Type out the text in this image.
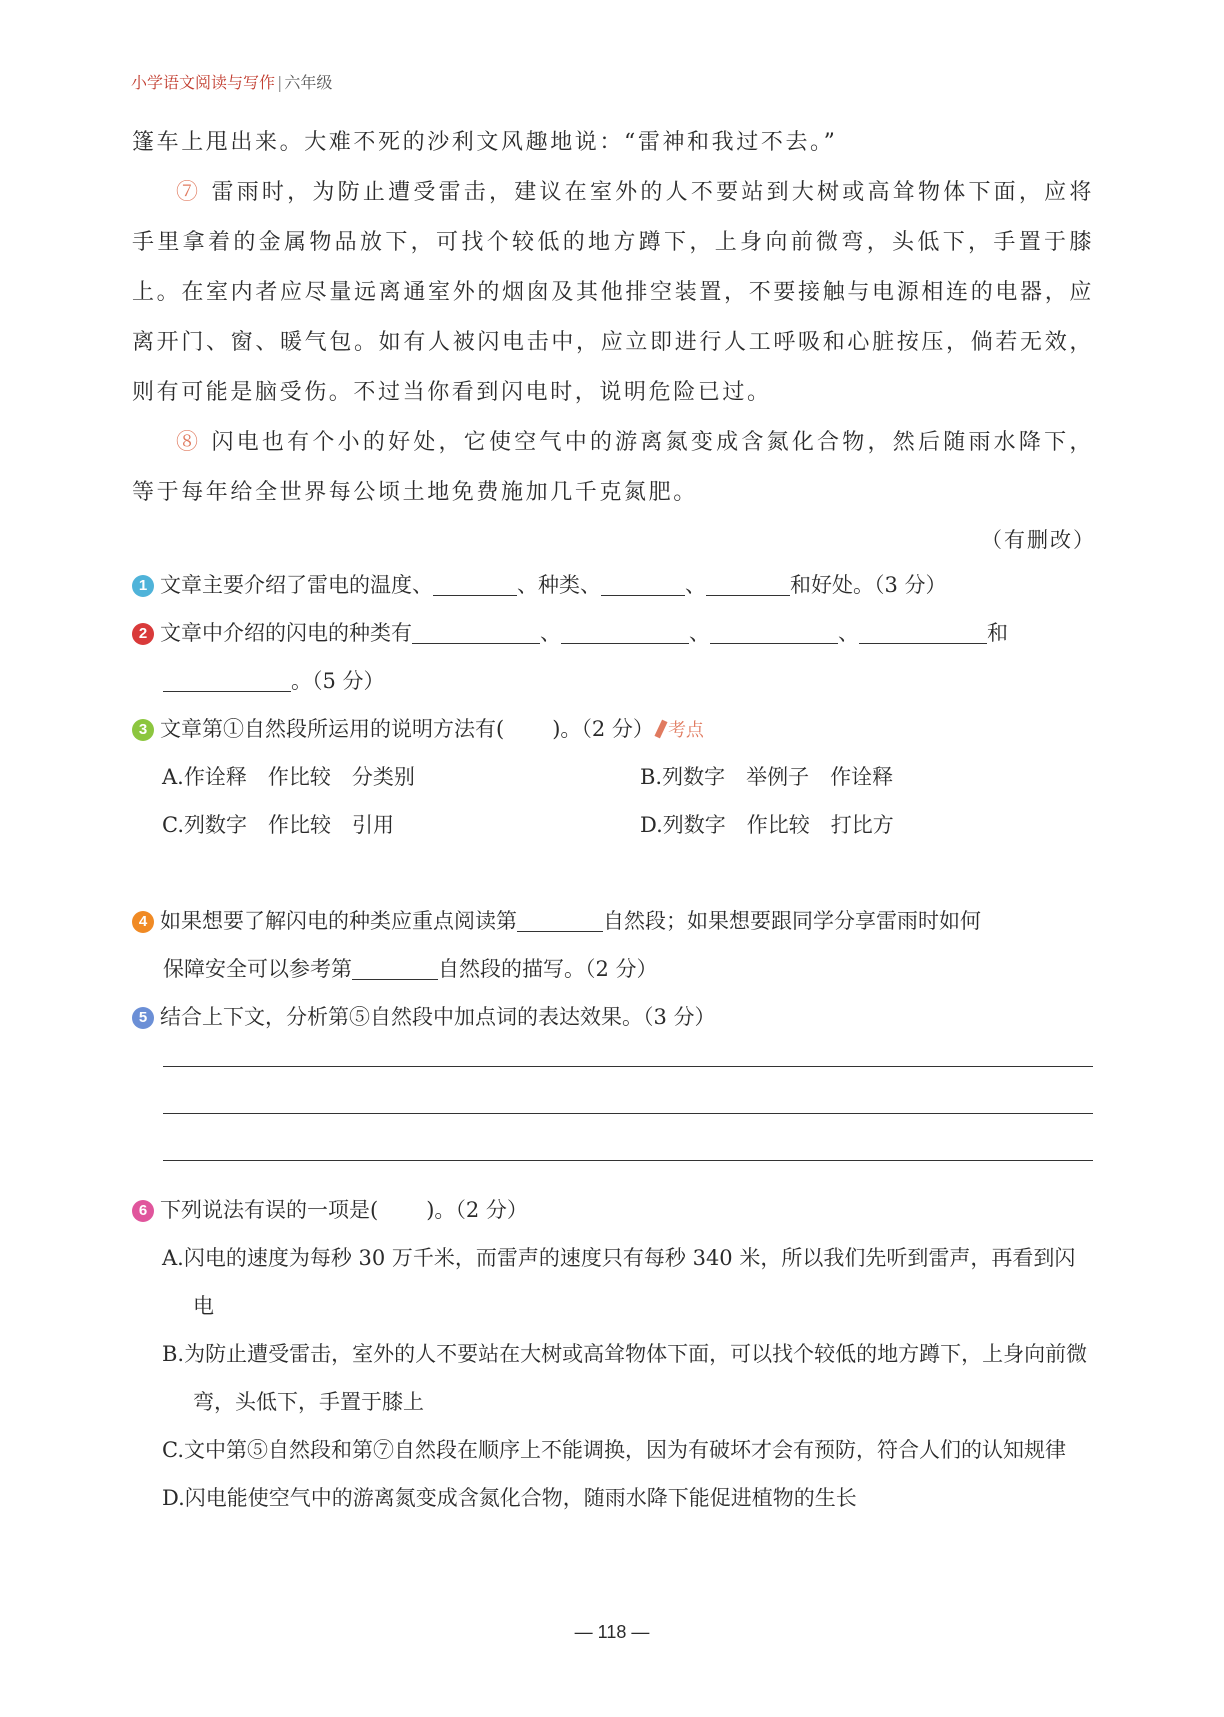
小学语文阅读与写作 | 六年级

篷车上甩出来。大难不死的沙利文风趣地说：“雷神和我过不去。”

⑦ 雷雨时，为防止遭受雷击，建议在室外的人不要站到大树或高耸物体下面，应将手里拿着的金属物品放下，可找个较低的地方蹲下，上身向前微弯，头低下，手置于膝上。在室内者应尽量远离通室外的烟囱及其他排空装置，不要接触与电源相连的电器，应离开门、窗、暖气包。如有人被闪电击中，应立即进行人工呼吸和心脏按压，倘若无效，则有可能是脑受伤。不过当你看到闪电时，说明危险已过。

⑧ 闪电也有个小的好处，它使空气中的游离氮变成含氮化合物，然后随雨水降下，等于每年给全世界每公顷土地免费施加几千克氮肥。

（有删改）
1 文章主要介绍了雷电的温度、	、种类、	、	和好处。（3 分）
2 文章中介绍的闪电的种类有	、	、	、	和
。（5 分）
3 文章第①自然段所运用的说明方法有( )。（2 分） 考点
A.作诠释　作比较　分类别	B.列数字　举例子　作诠释
C.列数字　作比较　引用	D.列数字　作比较　打比方
4 如果想要了解闪电的种类应重点阅读第	自然段；如果想要跟同学分享雷雨时如何
保障安全可以参考第	自然段的描写。（2 分）
5 结合上下文，分析第⑤自然段中加点词的表达效果。（3 分）
6 下列说法有误的一项是( )。（2 分）
A.闪电的速度为每秒 30 万千米，而雷声的速度只有每秒 340 米，所以我们先听到雷声，再看到闪电
B.为防止遭受雷击，室外的人不要站在大树或高耸物体下面，可以找个较低的地方蹲下，上身向前微弯，头低下，手置于膝上
C.文中第⑤自然段和第⑦自然段在顺序上不能调换，因为有破坏才会有预防，符合人们的认知规律
D.闪电能使空气中的游离氮变成含氮化合物，随雨水降下能促进植物的生长
— 118 —
